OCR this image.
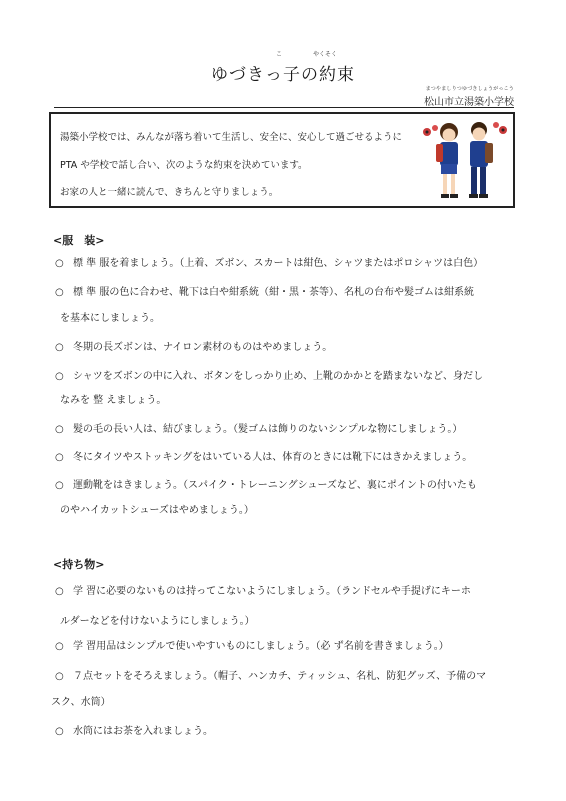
こ	やくそく
ゆづきっ子の約束
まつやましりつゆづきしょうがっこう
松山市立湯築小学校
湯築小学校では、みんなが落ち着いて生活し、安全に、安心して過ごせるように
PTA や学校で話し合い、次のような約束を決めています。
お家の人と一緒に読んで、きちんと守りましょう。
<服　装>
○ 標 準 服を着ましょう。（上着、ズボン、スカートは紺色、シャツまたはポロシャツは白色）
○ 標 準 服の色に合わせ、靴下は白や紺系統（紺・黒・茶等）、名札の台布や髪ゴムは紺系統
を基本にしましょう。
○ 冬期の長ズボンは、ナイロン素材のものはやめましょう。
○ シャツをズボンの中に入れ、ボタンをしっかり止め、上靴のかかとを踏まないなど、身だし
なみを 整 えましょう。
○ 髪の毛の長い人は、結びましょう。（髪ゴムは飾りのないシンプルな物にしましょう。）
○ 冬にタイツやストッキングをはいている人は、体育のときには靴下にはきかえましょう。
○ 運動靴をはきましょう。（スパイク・トレーニングシューズなど、裏にポイントの付いたも
のやハイカットシューズはやめましょう。）
<持ち物>
○ 学 習に必要のないものは持ってこないようにしましょう。（ランドセルや手提げにキーホ
ルダーなどを付けないようにしましょう。）
○ 学 習用品はシンプルで使いやすいものにしましょう。（必 ず名前を書きましょう。）
○ ７点セットをそろえましょう。（帽子、ハンカチ、ティッシュ、名札、防犯グッズ、予備のマ
スク、水筒）
○ 水筒にはお茶を入れましょう。
